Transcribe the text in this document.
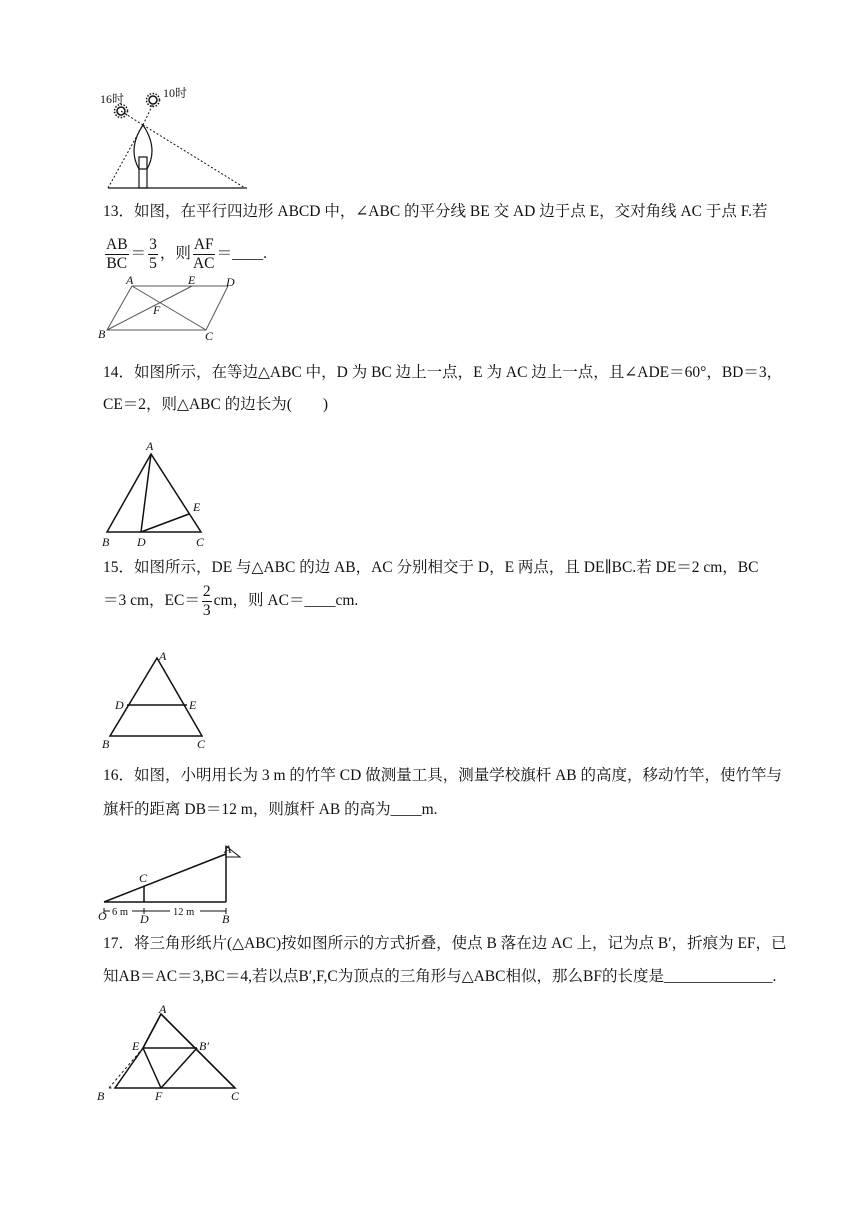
16时	10时
13．如图，在平行四边形 ABCD 中，∠ABC 的平分线 BE 交 AD 边于点 E，交对角线 AC 于点 F.若
$\frac{AB}{BC} = \frac{3}{5}$ ，则 $\frac{AF}{AC}$ ＝____.
A	E	D
F
B	C
14．如图所示，在等边△ABC 中，D 为 BC 边上一点，E 为 AC 边上一点，且∠ADE＝60°，BD＝3，
CE＝2，则△ABC 的边长为(　　)
A
E
B D	C
15．如图所示，DE 与△ABC 的边 AB，AC 分别相交于 D，E 两点，且 DE∥BC.若 DE＝2 cm，BC
＝3 cm，$EC= \frac{2}{3}$ cm，则 AC＝____cm.
A
D	E
B	C
16．如图，小明用长为 3 m 的竹竿 CD 做测量工具，测量学校旗杆 AB 的高度，移动竹竿，使竹竿与
旗杆的距离 DB＝12 m，则旗杆 AB 的高为____m.
A
C
O	D	B
6 m	12 m
17．将三角形纸片(△ABC)按如图所示的方式折叠，使点 B 落在边 AC 上，记为点 B′，折痕为 EF，已
知AB＝AC＝3,BC＝4,若以点B′,F,C为顶点的三角形与△ABC相似，那么BF的长度是______________.
A
E	B′
B	F	C
